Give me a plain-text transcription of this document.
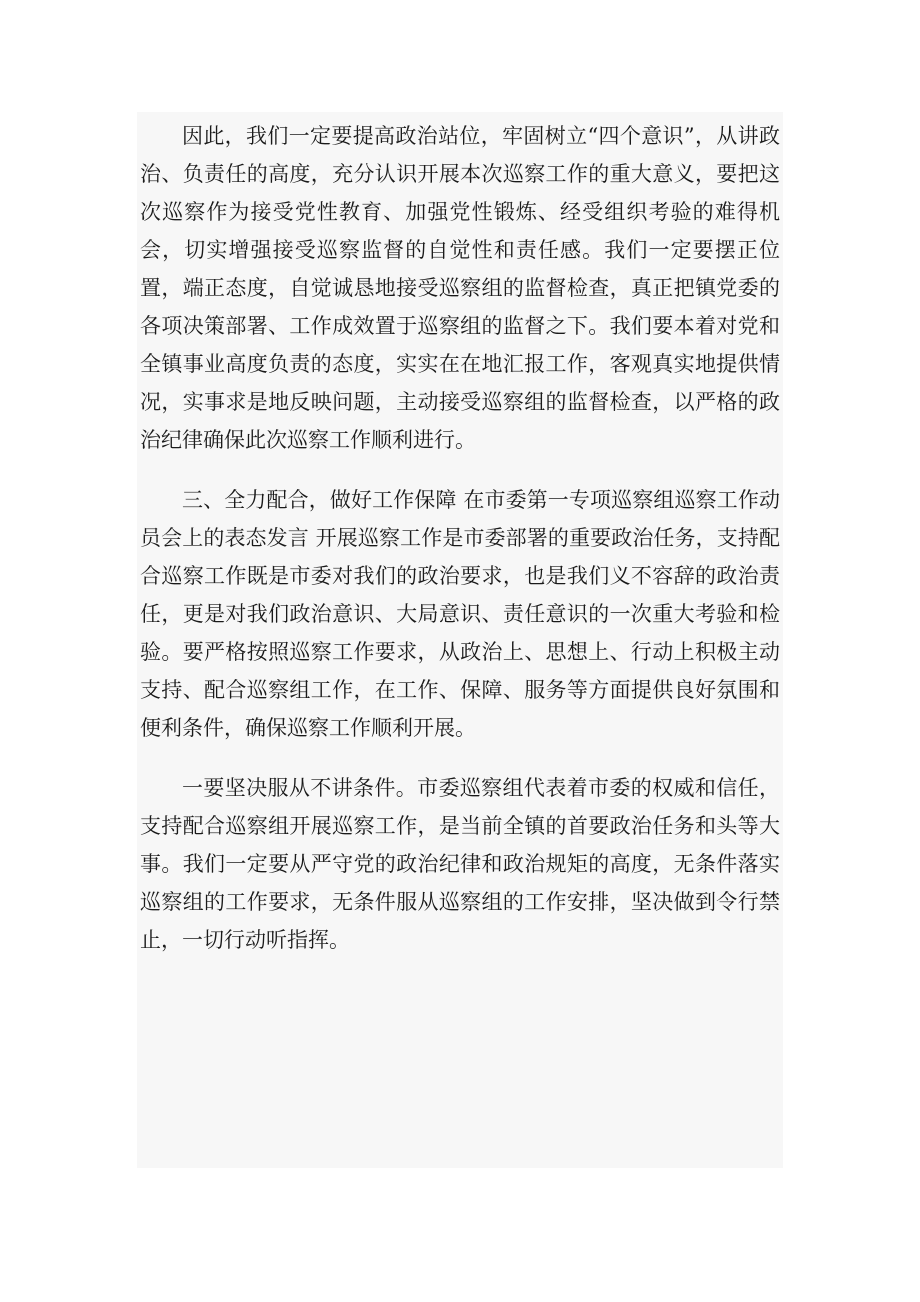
因此，我们一定要提高政治站位，牢固树立“四个意识”，从讲政治、负责任的高度，充分认识开展本次巡察工作的重大意义，要把这次巡察作为接受党性教育、加强党性锻炼、经受组织考验的难得机会，切实增强接受巡察监督的自觉性和责任感。我们一定要摆正位置，端正态度，自觉诚恳地接受巡察组的监督检查，真正把镇党委的各项决策部署、工作成效置于巡察组的监督之下。我们要本着对党和全镇事业高度负责的态度，实实在在地汇报工作，客观真实地提供情况，实事求是地反映问题，主动接受巡察组的监督检查，以严格的政治纪律确保此次巡察工作顺利进行。

三、全力配合，做好工作保障 在市委第一专项巡察组巡察工作动员会上的表态发言 开展巡察工作是市委部署的重要政治任务，支持配合巡察工作既是市委对我们的政治要求，也是我们义不容辞的政治责任，更是对我们政治意识、大局意识、责任意识的一次重大考验和检验。要严格按照巡察工作要求，从政治上、思想上、行动上积极主动支持、配合巡察组工作，在工作、保障、服务等方面提供良好氛围和便利条件，确保巡察工作顺利开展。

一要坚决服从不讲条件。市委巡察组代表着市委的权威和信任，支持配合巡察组开展巡察工作，是当前全镇的首要政治任务和头等大事。我们一定要从严守党的政治纪律和政治规矩的高度，无条件落实巡察组的工作要求，无条件服从巡察组的工作安排，坚决做到令行禁止，一切行动听指挥。
